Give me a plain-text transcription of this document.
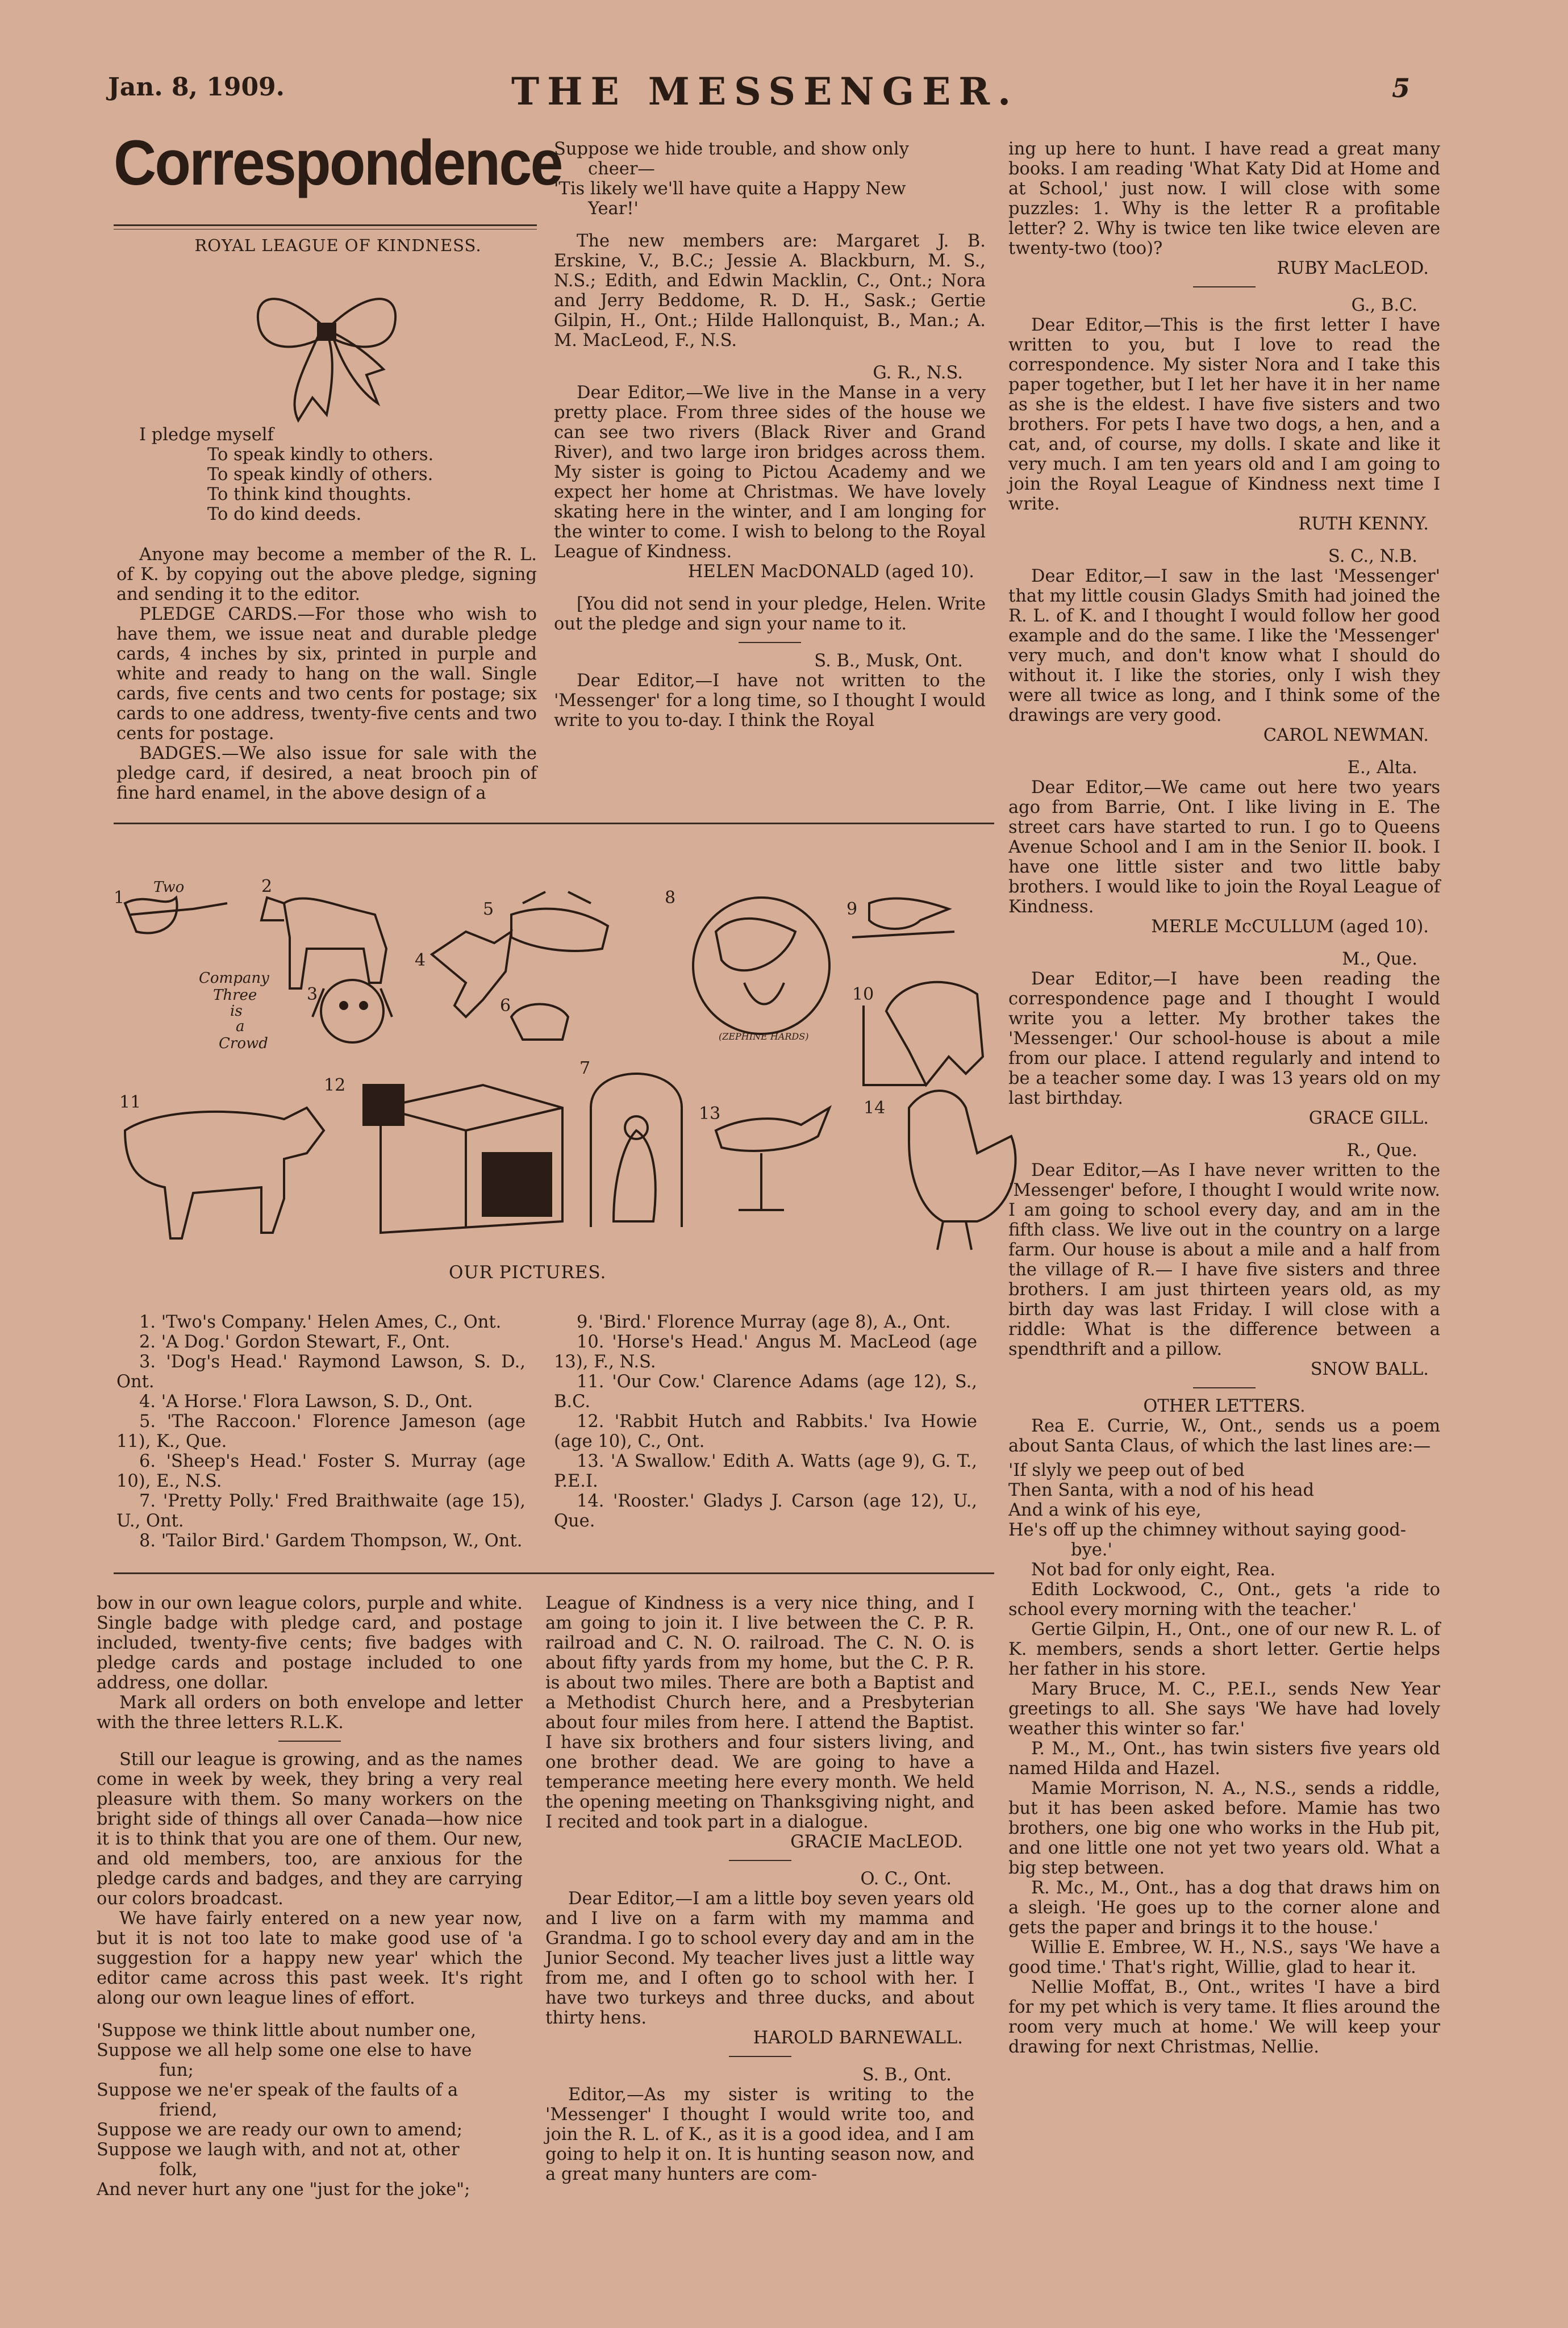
Jan. 8, 1909.	THE MESSENGER.	5
Correspondence

ROYAL LEAGUE OF KINDNESS.

I pledge myself

To speak kindly to others.

To speak kindly of others.

To think kind thoughts.

To do kind deeds.

Anyone may become a member of the R. L. of K. by copying out the above pledge, signing and sending it to the editor.

PLEDGE CARDS.—For those who wish to have them, we issue neat and durable pledge cards, 4 inches by six, printed in purple and white and ready to hang on the wall. Single cards, five cents and two cents for postage; six cards to one address, twenty-five cents and two cents for postage.

BADGES.—We also issue for sale with the pledge card, if desired, a neat brooch pin of fine hard enamel, in the above design of a

Suppose we hide trouble, and show only

cheer—

'Tis likely we'll have quite a Happy New

Year!'

The new members are: Margaret J. B. Erskine, V., B.C.; Jessie A. Blackburn, M. S., N.S.; Edith, and Edwin Macklin, C., Ont.; Nora and Jerry Beddome, R. D. H., Sask.; Gertie Gilpin, H., Ont.; Hilde Hallonquist, B., Man.; A. M. MacLeod, F., N.S.

G. R., N.S.

Dear Editor,—We live in the Manse in a very pretty place. From three sides of the house we can see two rivers (Black River and Grand River), and two large iron bridges across them. My sister is going to Pictou Academy and we expect her home at Christmas. We have lovely skating here in the winter, and I am longing for the winter to come. I wish to belong to the Royal League of Kindness.

HELEN MacDONALD (aged 10).

[You did not send in your pledge, Helen. Write out the pledge and sign your name to it.

S. B., Musk, Ont.

Dear Editor,—I have not written to the 'Messenger' for a long time, so I thought I would write to you to-day. I think the Royal

Two
Company
Three
is
a
Crowd	(ZEPHINE HARDS)
1
2
3
4
5
6
7
8
9
10
11
12
13	14
OUR PICTURES.

1. 'Two's Company.' Helen Ames, C., Ont.

2. 'A Dog.' Gordon Stewart, F., Ont.

3. 'Dog's Head.' Raymond Lawson, S. D., Ont.

4. 'A Horse.' Flora Lawson, S. D., Ont.

5. 'The Raccoon.' Florence Jameson (age 11), K., Que.

6. 'Sheep's Head.' Foster S. Murray (age 10), E., N.S.

7. 'Pretty Polly.' Fred Braithwaite (age 15), U., Ont.

8. 'Tailor Bird.' Gardem Thompson, W., Ont.

9. 'Bird.' Florence Murray (age 8), A., Ont.

10. 'Horse's Head.' Angus M. MacLeod (age 13), F., N.S.

11. 'Our Cow.' Clarence Adams (age 12), S., B.C.

12. 'Rabbit Hutch and Rabbits.' Iva Howie (age 10), C., Ont.

13. 'A Swallow.' Edith A. Watts (age 9), G. T., P.E.I.

14. 'Rooster.' Gladys J. Carson (age 12), U., Que.

bow in our own league colors, purple and white. Single badge with pledge card, and postage included, twenty-five cents; five badges with pledge cards and postage included to one address, one dollar.

Mark all orders on both envelope and letter with the three letters R.L.K.

Still our league is growing, and as the names come in week by week, they bring a very real pleasure with them. So many workers on the bright side of things all over Canada—how nice it is to think that you are one of them. Our new, and old members, too, are anxious for the pledge cards and badges, and they are carrying our colors broadcast.

We have fairly entered on a new year now, but it is not too late to make good use of 'a suggestion for a happy new year' which the editor came across this past week. It's right along our own league lines of effort.

'Suppose we think little about number one,

Suppose we all help some one else to have

fun;

Suppose we ne'er speak of the faults of a

friend,

Suppose we are ready our own to amend;

Suppose we laugh with, and not at, other

folk,

And never hurt any one "just for the joke";

League of Kindness is a very nice thing, and I am going to join it. I live between the C. P. R. railroad and C. N. O. railroad. The C. N. O. is about fifty yards from my home, but the C. P. R. is about two miles. There are both a Baptist and a Methodist Church here, and a Presbyterian about four miles from here. I attend the Baptist. I have six brothers and four sisters living, and one brother dead. We are going to have a temperance meeting here every month. We held the opening meeting on Thanksgiving night, and I recited and took part in a dialogue.

GRACIE MacLEOD.

O. C., Ont.

Dear Editor,—I am a little boy seven years old and I live on a farm with my mamma and Grandma. I go to school every day and am in the Junior Second. My teacher lives just a little way from me, and I often go to school with her. I have two turkeys and three ducks, and about thirty hens.

HAROLD BARNEWALL.

S. B., Ont.

Editor,—As my sister is writing to the 'Messenger' I thought I would write too, and join the R. L. of K., as it is a good idea, and I am going to help it on. It is hunting season now, and a great many hunters are com-

ing up here to hunt. I have read a great many books. I am reading 'What Katy Did at Home and at School,' just now. I will close with some puzzles: 1. Why is the letter R a profitable letter? 2. Why is twice ten like twice eleven are twenty-two (too)?

RUBY MacLEOD.

G., B.C.

Dear Editor,—This is the first letter I have written to you, but I love to read the correspondence. My sister Nora and I take this paper together, but I let her have it in her name as she is the eldest. I have five sisters and two brothers. For pets I have two dogs, a hen, and a cat, and, of course, my dolls. I skate and like it very much. I am ten years old and I am going to join the Royal League of Kindness next time I write.

RUTH KENNY.

S. C., N.B.

Dear Editor,—I saw in the last 'Messenger' that my little cousin Gladys Smith had joined the R. L. of K. and I thought I would follow her good example and do the same. I like the 'Messenger' very much, and don't know what I should do without it. I like the stories, only I wish they were all twice as long, and I think some of the drawings are very good.

CAROL NEWMAN.

E., Alta.

Dear Editor,—We came out here two years ago from Barrie, Ont. I like living in E. The street cars have started to run. I go to Queens Avenue School and I am in the Senior II. book. I have one little sister and two little baby brothers. I would like to join the Royal League of Kindness.

MERLE McCULLUM (aged 10).

M., Que.

Dear Editor,—I have been reading the correspondence page and I thought I would write you a letter. My brother takes the 'Messenger.' Our school-house is about a mile from our place. I attend regularly and intend to be a teacher some day. I was 13 years old on my last birthday.

GRACE GILL.

R., Que.

Dear Editor,—As I have never written to the 'Messenger' before, I thought I would write now. I am going to school every day, and am in the fifth class. We live out in the country on a large farm. Our house is about a mile and a half from the village of R.— I have five sisters and three brothers. I am just thirteen years old, as my birth day was last Friday. I will close with a riddle: What is the difference between a spendthrift and a pillow.

SNOW BALL.

OTHER LETTERS.

Rea E. Currie, W., Ont., sends us a poem about Santa Claus, of which the last lines are:—

'If slyly we peep out of bed

Then Santa, with a nod of his head

And a wink of his eye,

He's off up the chimney without saying good-

bye.'

Not bad for only eight, Rea.

Edith Lockwood, C., Ont., gets 'a ride to school every morning with the teacher.'

Gertie Gilpin, H., Ont., one of our new R. L. of K. members, sends a short letter. Gertie helps her father in his store.

Mary Bruce, M. C., P.E.I., sends New Year greetings to all. She says 'We have had lovely weather this winter so far.'

P. M., M., Ont., has twin sisters five years old named Hilda and Hazel.

Mamie Morrison, N. A., N.S., sends a riddle, but it has been asked before. Mamie has two brothers, one big one who works in the Hub pit, and one little one not yet two years old. What a big step between.

R. Mc., M., Ont., has a dog that draws him on a sleigh. 'He goes up to the corner alone and gets the paper and brings it to the house.'

Willie E. Embree, W. H., N.S., says 'We have a good time.' That's right, Willie, glad to hear it.

Nellie Moffat, B., Ont., writes 'I have a bird for my pet which is very tame. It flies around the room very much at home.' We will keep your drawing for next Christmas, Nellie.
